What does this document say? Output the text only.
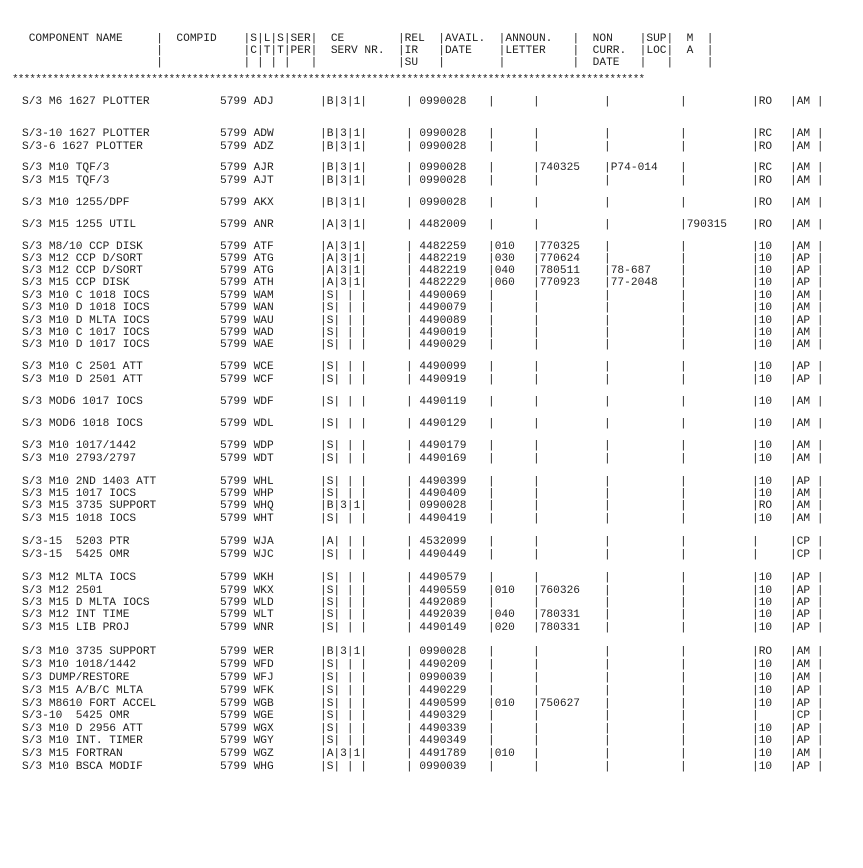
COMPONENT NAME     |  COMPID    |S|L|S|SER|  CE        |REL  |AVAIL.  |ANNOUN.   |  NON    |SUP|  M  |
|            |C|T|T|PER|  SERV NR.  |IR   |DATE    |LETTER    |  CURR.  |LOC|  A  |
|            | | | |   |            |SU   |        |          |  DATE   |   |     |
*************************************************************************************************************
S/3 M6 1627 PLOTTER	5799 ADJ	|B|3|1|	| 0990028 |	|	|	|	|RO |AM |
S/3-10 1627 PLOTTER	5799 ADW	|B|3|1|	| 0990028 |	|	|	|	|RC |AM |
S/3-6 1627 PLOTTER	5799 ADZ	|B|3|1|	| 0990028 |	|	|	|	|RO |AM |
S/3 M10 TQF/3	5799 AJR	|B|3|1|	| 0990028 |	|740325 |P74-014 |	|RC |AM |
S/3 M15 TQF/3	5799 AJT	|B|3|1|	| 0990028 |	|	|	|	|RO |AM |
S/3 M10 1255/DPF	5799 AKX	|B|3|1|	| 0990028 |	|	|	|	|RO |AM |
S/3 M15 1255 UTIL	5799 ANR	|A|3|1|	| 4482009 |	|	|	|790315 |RO |AM |
S/3 M8/10 CCP DISK	5799 ATF	|A|3|1|	| 4482259 |010 |770325 |	|	|10 |AM |
S/3 M12 CCP D/SORT	5799 ATG	|A|3|1|	| 4482219 |030 |770624 |	|	|10 |AP |
S/3 M12 CCP D/SORT	5799 ATG	|A|3|1|	| 4482219 |040 |780511 |78-687	|	|10 |AP |
S/3 M15 CCP DISK	5799 ATH	|A|3|1|	| 4482229 |060 |770923 |77-2048 |	|10 |AP |
S/3 M10 C 1018 IOCS	5799 WAM	|S| | |	| 4490069 |	|	|	|	|10 |AM |
S/3 M10 D 1018 IOCS	5799 WAN	|S| | |	| 4490079 |	|	|	|	|10 |AM |
S/3 M10 D MLTA IOCS	5799 WAU	|S| | |	| 4490089 |	|	|	|	|10 |AP |
S/3 M10 C 1017 IOCS	5799 WAD	|S| | |	| 4490019 |	|	|	|	|10 |AM |
S/3 M10 D 1017 IOCS	5799 WAE	|S| | |	| 4490029 |	|	|	|	|10 |AM |
S/3 M10 C 2501 ATT	5799 WCE	|S| | |	| 4490099 |	|	|	|	|10 |AP |
S/3 M10 D 2501 ATT	5799 WCF	|S| | |	| 4490919 |	|	|	|	|10 |AP |
S/3 MOD6 1017 IOCS	5799 WDF	|S| | |	| 4490119 |	|	|	|	|10 |AM |
S/3 MOD6 1018 IOCS	5799 WDL	|S| | |	| 4490129 |	|	|	|	|10 |AM |
S/3 M10 1017/1442	5799 WDP	|S| | |	| 4490179 |	|	|	|	|10 |AM |
S/3 M10 2793/2797	5799 WDT	|S| | |	| 4490169 |	|	|	|	|10 |AM |
S/3 M10 2ND 1403 ATT	5799 WHL	|S| | |	| 4490399 |	|	|	|	|10 |AP |
S/3 M15 1017 IOCS	5799 WHP	|S| | |	| 4490409 |	|	|	|	|10 |AM |
S/3 M15 3735 SUPPORT	5799 WHQ	|B|3|1|	| 0990028 |	|	|	|	|RO |AM |
S/3 M15 1018 IOCS	5799 WHT	|S| | |	| 4490419 |	|	|	|	|10 |AM |
S/3-15  5203 PTR	5799 WJA	|A| | |	| 4532099 |	|	|	|	|	|CP |
S/3-15  5425 OMR	5799 WJC	|S| | |	| 4490449 |	|	|	|	|	|CP |
S/3 M12 MLTA IOCS	5799 WKH	|S| | |	| 4490579 |	|	|	|	|10 |AP |
S/3 M12 2501	5799 WKX	|S| | |	| 4490559 |010 |760326 |	|	|10 |AP |
S/3 M15 D MLTA IOCS	5799 WLD	|S| | |	| 4492089 |	|	|	|	|10 |AP |
S/3 M12 INT TIME	5799 WLT	|S| | |	| 4492039 |040 |780331 |	|	|10 |AP |
S/3 M15 LIB PROJ	5799 WNR	|S| | |	| 4490149 |020 |780331 |	|	|10 |AP |
S/3 M10 3735 SUPPORT	5799 WER	|B|3|1|	| 0990028 |	|	|	|	|RO |AM |
S/3 M10 1018/1442	5799 WFD	|S| | |	| 4490209 |	|	|	|	|10 |AM |
S/3 DUMP/RESTORE	5799 WFJ	|S| | |	| 0990039 |	|	|	|	|10 |AM |
S/3 M15 A/B/C MLTA	5799 WFK	|S| | |	| 4490229 |	|	|	|	|10 |AP |
S/3 M8610 FORT ACCEL	5799 WGB	|S| | |	| 4490599 |010 |750627 |	|	|10 |AP |
S/3-10  5425 OMR	5799 WGE	|S| | |	| 4490329 |	|	|	|	|	|CP |
S/3 M10 D 2956 ATT	5799 WGX	|S| | |	| 4490339 |	|	|	|	|10 |AP |
S/3 M10 INT. TIMER	5799 WGY	|S| | |	| 4490349 |	|	|	|	|10 |AP |
S/3 M15 FORTRAN	5799 WGZ	|A|3|1|	| 4491789 |010 |	|	|	|10 |AM |
S/3 M10 BSCA MODIF	5799 WHG	|S| | |	| 0990039 |	|	|	|	|10 |AP |
